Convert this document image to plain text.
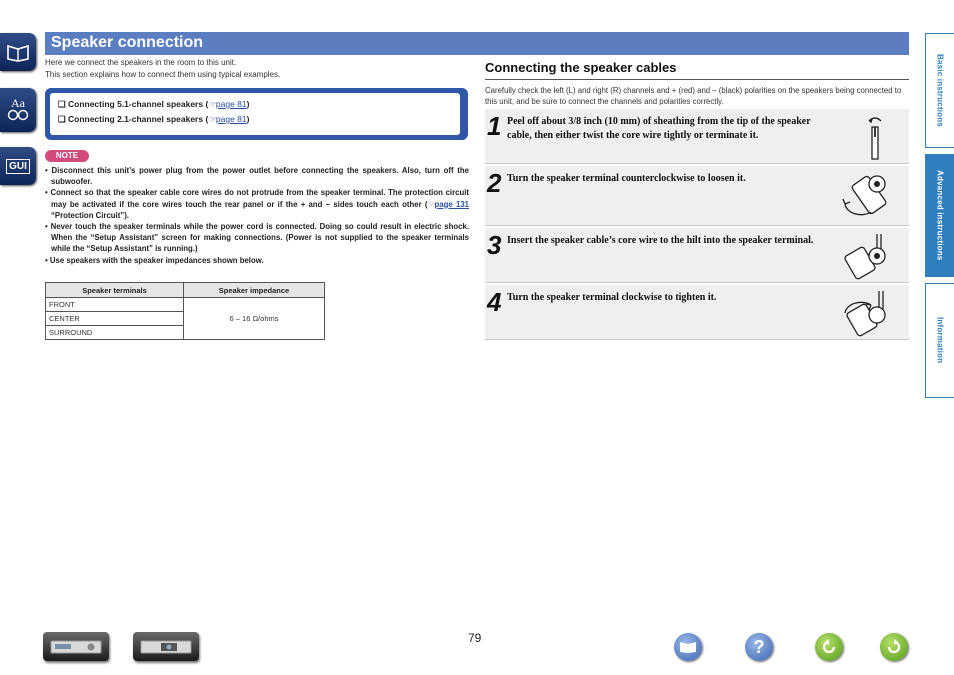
Aa
GUI
Speaker connection
Here we connect the speakers in the room to this unit.
This section explains how to connect them using typical examples.
❏ Connecting 5.1-channel speakers (☞page 81)
❏ Connecting 2.1-channel speakers (☞page 81)
NOTE
• Disconnect this unit’s power plug from the power outlet before connecting the speakers. Also, turn off the subwoofer.
• Connect so that the speaker cable core wires do not protrude from the speaker terminal. The protection circuit may be activated if the core wires touch the rear panel or if the + and – sides touch each other (☞page 131 “Protection Circuit”).
• Never touch the speaker terminals while the power cord is connected. Doing so could result in electric shock. When the “Setup Assistant” screen for making connections. (Power is not supplied to the speaker terminals while the “Setup Assistant” is running.)
• Use speakers with the speaker impedances shown below.
Speaker terminals	Speaker impedance
FRONT	6 – 16 Ω/ohms
CENTER	
SURROUND	
Connecting the speaker cables
Carefully check the left (L) and right (R) channels and + (red) and – (black) polarities on the speakers being connected to this unit, and be sure to connect the channels and polarities correctly.
1 Peel off about 3/8 inch (10 mm) of sheathing from the tip of the speaker cable, then either twist the core wire tightly or terminate it.
2 Turn the speaker terminal counterclockwise to loosen it.
3 Insert the speaker cable’s core wire to the hilt into the speaker terminal.
4 Turn the speaker terminal clockwise to tighten it.
Basic instructions
Advanced instructions
Information
79	?
